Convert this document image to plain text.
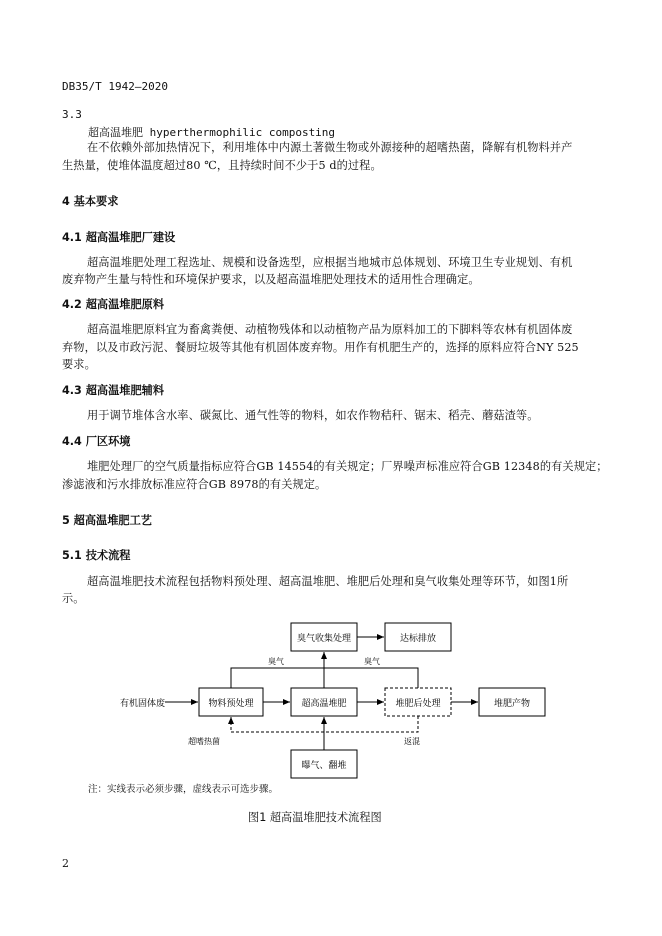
DB35/T 1942—2020
3.3
超高温堆肥 hyperthermophilic composting
在不依赖外部加热情况下，利用堆体中内源土著微生物或外源接种的超嗜热菌，降解有机物料并产
生热量，使堆体温度超过80 ℃，且持续时间不少于5 d的过程。
4 基本要求
4.1 超高温堆肥厂建设
超高温堆肥处理工程选址、规模和设备选型，应根据当地城市总体规划、环境卫生专业规划、有机
废弃物产生量与特性和环境保护要求，以及超高温堆肥处理技术的适用性合理确定。
4.2 超高温堆肥原料
超高温堆肥原料宜为畜禽粪便、动植物残体和以动植物产品为原料加工的下脚料等农林有机固体废
弃物，以及市政污泥、餐厨垃圾等其他有机固体废弃物。用作有机肥生产的，选择的原料应符合NY 525
要求。
4.3 超高温堆肥辅料
用于调节堆体含水率、碳氮比、通气性等的物料，如农作物秸秆、锯末、稻壳、蘑菇渣等。
4.4 厂区环境
堆肥处理厂的空气质量指标应符合GB 14554的有关规定；厂界噪声标准应符合GB 12348的有关规定；
渗滤液和污水排放标准应符合GB 8978的有关规定。
5 超高温堆肥工艺
5.1 技术流程
超高温堆肥技术流程包括物料预处理、超高温堆肥、堆肥后处理和臭气收集处理等环节，如图1所
示。
臭气收集处理	达标排放
物料预处理	超高温堆肥	堆肥后处理	堆肥产物
曝气、翻堆
有机固体废
臭气	臭气
超嗜热菌	返混
注：实线表示必须步骤，虚线表示可选步骤。
图1 超高温堆肥技术流程图
2
